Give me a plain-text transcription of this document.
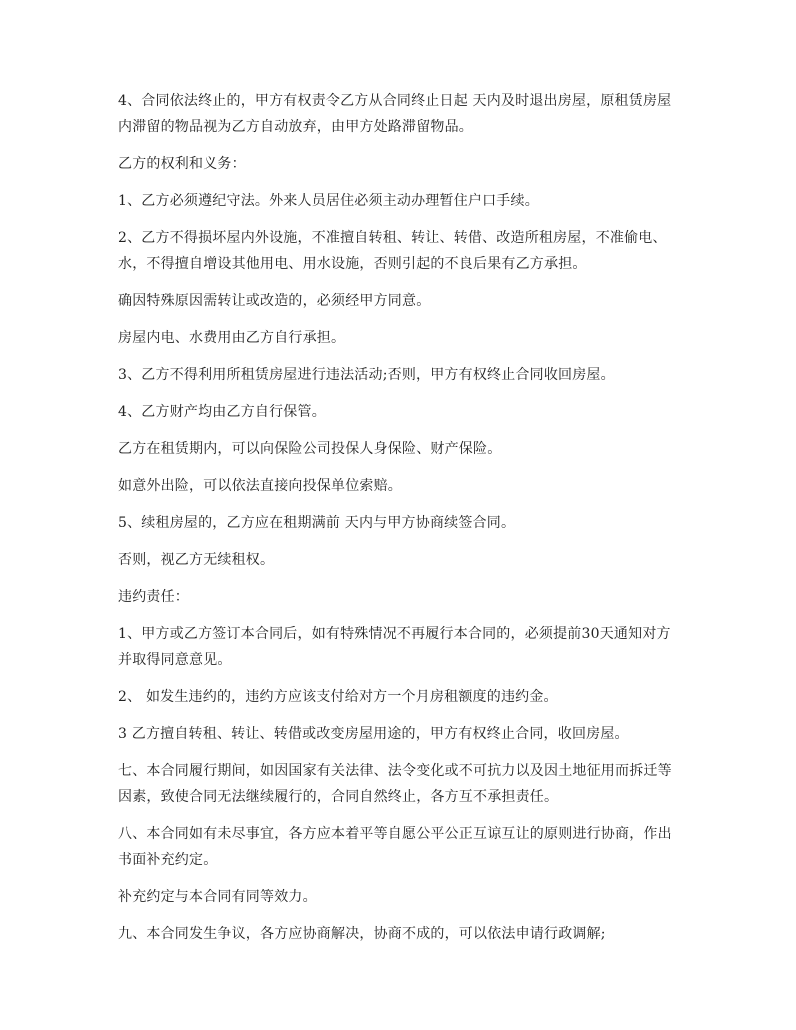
4、合同依法终止的，甲方有权责令乙方从合同终止日起 天内及时退出房屋，原租赁房屋内滞留的物品视为乙方自动放弃，由甲方处路滞留物品。

乙方的权利和义务：

1、乙方必须遵纪守法。外来人员居住必须主动办理暂住户口手续。

2、乙方不得损坏屋内外设施，不准擅自转租、转让、转借、改造所租房屋，不准偷电、水，不得擅自增设其他用电、用水设施，否则引起的不良后果有乙方承担。

确因特殊原因需转让或改造的，必须经甲方同意。

房屋内电、水费用由乙方自行承担。

3、乙方不得利用所租赁房屋进行违法活动;否则，甲方有权终止合同收回房屋。

4、乙方财产均由乙方自行保管。

乙方在租赁期内，可以向保险公司投保人身保险、财产保险。

如意外出险，可以依法直接向投保单位索赔。

5、续租房屋的，乙方应在租期满前 天内与甲方协商续签合同。

否则，视乙方无续租权。

违约责任：

1、甲方或乙方签订本合同后，如有特殊情况不再履行本合同的，必须提前30天通知对方并取得同意意见。

2、 如发生违约的，违约方应该支付给对方一个月房租额度的违约金。

3 乙方擅自转租、转让、转借或改变房屋用途的，甲方有权终止合同，收回房屋。

七、本合同履行期间，如因国家有关法律、法令变化或不可抗力以及因土地征用而拆迁等因素，致使合同无法继续履行的，合同自然终止，各方互不承担责任。

八、本合同如有未尽事宜，各方应本着平等自愿公平公正互谅互让的原则进行协商，作出书面补充约定。

补充约定与本合同有同等效力。

九、本合同发生争议，各方应协商解决，协商不成的，可以依法申请行政调解;
